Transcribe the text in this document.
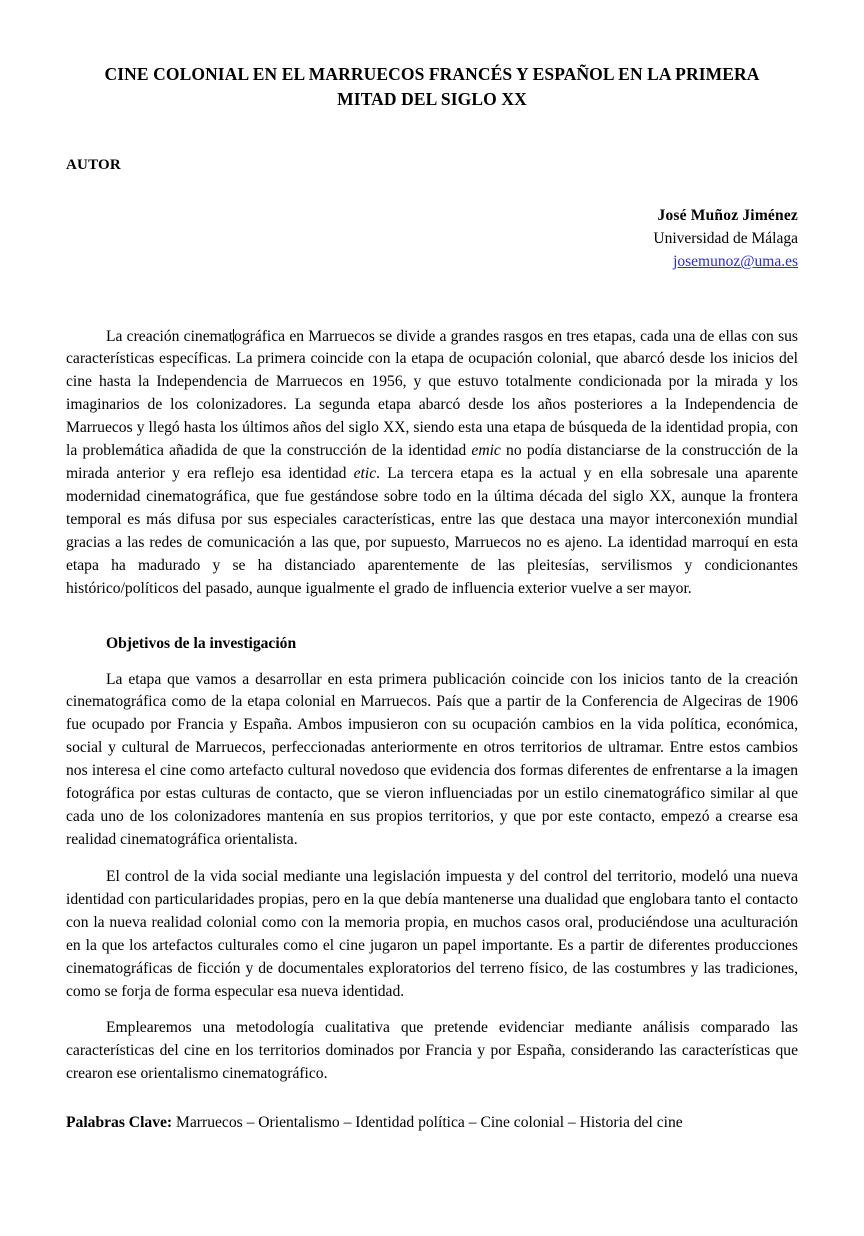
CINE COLONIAL EN EL MARRUECOS FRANCÉS Y ESPAÑOL EN LA PRIMERA MITAD DEL SIGLO XX
AUTOR
José Muñoz Jiménez
Universidad de Málaga
josemunoz@uma.es

La creación cinematográfica en Marruecos se divide a grandes rasgos en tres etapas, cada una de ellas con sus características específicas. La primera coincide con la etapa de ocupación colonial, que abarcó desde los inicios del cine hasta la Independencia de Marruecos en 1956, y que estuvo totalmente condicionada por la mirada y los imaginarios de los colonizadores. La segunda etapa abarcó desde los años posteriores a la Independencia de Marruecos y llegó hasta los últimos años del siglo XX, siendo esta una etapa de búsqueda de la identidad propia, con la problemática añadida de que la construcción de la identidad emic no podía distanciarse de la construcción de la mirada anterior y era reflejo esa identidad etic. La tercera etapa es la actual y en ella sobresale una aparente modernidad cinematográfica, que fue gestándose sobre todo en la última década del siglo XX, aunque la frontera temporal es más difusa por sus especiales características, entre las que destaca una mayor interconexión mundial gracias a las redes de comunicación a las que, por supuesto, Marruecos no es ajeno. La identidad marroquí en esta etapa ha madurado y se ha distanciado aparentemente de las pleitesías, servilismos y condicionantes histórico/políticos del pasado, aunque igualmente el grado de influencia exterior vuelve a ser mayor.

Objetivos de la investigación

La etapa que vamos a desarrollar en esta primera publicación coincide con los inicios tanto de la creación cinematográfica como de la etapa colonial en Marruecos. País que a partir de la Conferencia de Algeciras de 1906 fue ocupado por Francia y España. Ambos impusieron con su ocupación cambios en la vida política, económica, social y cultural de Marruecos, perfeccionadas anteriormente en otros territorios de ultramar. Entre estos cambios nos interesa el cine como artefacto cultural novedoso que evidencia dos formas diferentes de enfrentarse a la imagen fotográfica por estas culturas de contacto, que se vieron influenciadas por un estilo cinematográfico similar al que cada uno de los colonizadores mantenía en sus propios territorios, y que por este contacto, empezó a crearse esa realidad cinematográfica orientalista.

El control de la vida social mediante una legislación impuesta y del control del territorio, modeló una nueva identidad con particularidades propias, pero en la que debía mantenerse una dualidad que englobara tanto el contacto con la nueva realidad colonial como con la memoria propia, en muchos casos oral, produciéndose una aculturación en la que los artefactos culturales como el cine jugaron un papel importante. Es a partir de diferentes producciones cinematográficas de ficción y de documentales exploratorios del terreno físico, de las costumbres y las tradiciones, como se forja de forma especular esa nueva identidad.

Emplearemos una metodología cualitativa que pretende evidenciar mediante análisis comparado las características del cine en los territorios dominados por Francia y por España, considerando las características que crearon ese orientalismo cinematográfico.

Palabras Clave: Marruecos – Orientalismo – Identidad política – Cine colonial – Historia del cine
